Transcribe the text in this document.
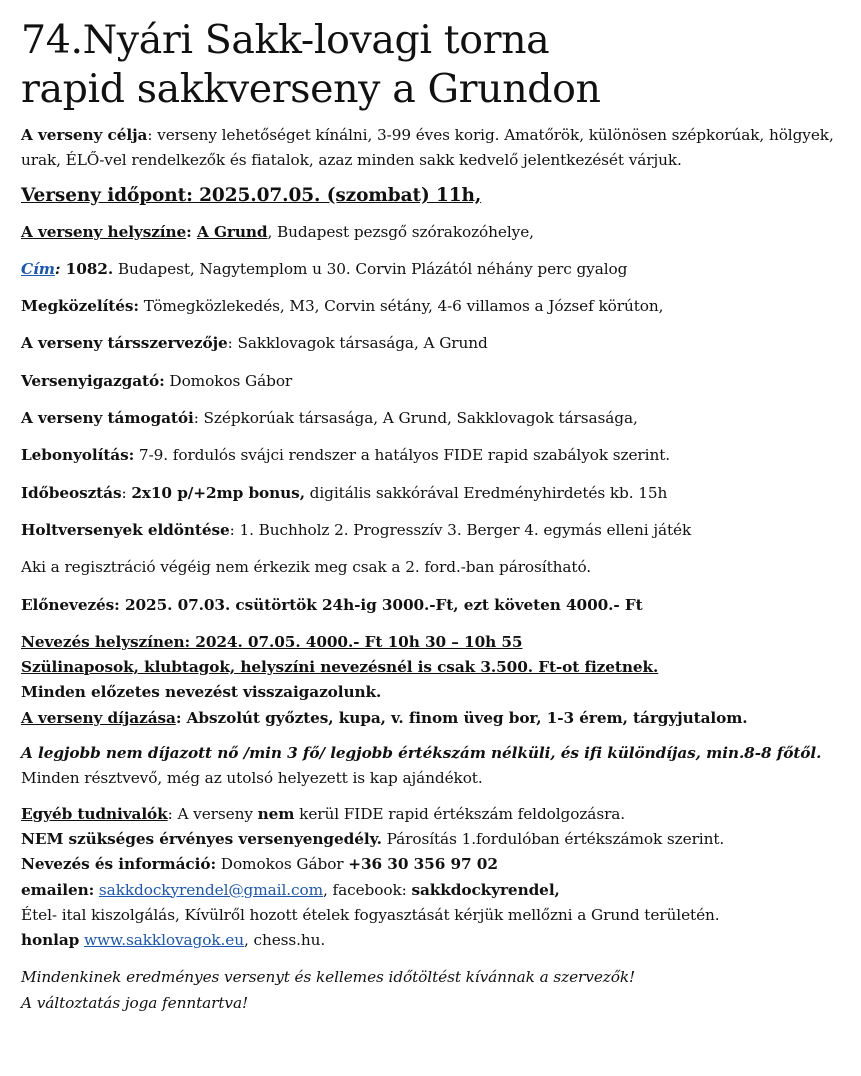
74.Nyári Sakk-lovagi torna
rapid sakkverseny a Grundon

A verseny célja: verseny lehetőséget kínálni, 3-99 éves korig. Amatőrök, különösen szépkorúak, hölgyek, urak, ÉLŐ-vel rendelkezők és fiatalok, azaz minden sakk kedvelő jelentkezését várjuk.

Verseny időpont: 2025.07.05. (szombat) 11h,

A verseny helyszíne: A Grund, Budapest pezsgő szórakozóhelye,

Cím: 1082. Budapest, Nagytemplom u 30. Corvin Plázától néhány perc gyalog

Megközelítés: Tömegközlekedés, M3, Corvin sétány, 4-6 villamos a József körúton,

A verseny társszervezője: Sakklovagok társasága, A Grund

Versenyigazgató: Domokos Gábor

A verseny támogatói: Szépkorúak társasága, A Grund, Sakklovagok társasága,

Lebonyolítás: 7-9. fordulós svájci rendszer a hatályos FIDE rapid szabályok szerint.

Időbeosztás: 2x10 p/+2mp bonus, digitális sakkórával Eredményhirdetés kb. 15h

Holtversenyek eldöntése: 1. Buchholz 2. Progresszív 3. Berger 4. egymás elleni játék

Aki a regisztráció végéig nem érkezik meg csak a 2. ford.-ban párosítható.

Előnevezés: 2025. 07.03. csütörtök 24h-ig 3000.-Ft, ezt követen 4000.- Ft

Nevezés helyszínen: 2024. 07.05. 4000.- Ft 10h 30 – 10h 55
Szülinaposok, klubtagok, helyszíni nevezésnél is csak 3.500. Ft-ot fizetnek.
Minden előzetes nevezést visszaigazolunk.
A verseny díjazása: Abszolút győztes, kupa, v. finom üveg bor, 1-3 érem, tárgyjutalom.

A legjobb nem díjazott nő /min 3 fő/ legjobb értékszám nélküli, és ifi különdíjas, min.8-8 főtől.
Minden résztvevő, még az utolsó helyezett is kap ajándékot.

Egyéb tudnivalók: A verseny nem kerül FIDE rapid értékszám feldolgozásra.
NEM szükséges érvényes versenyengedély. Párosítás 1.fordulóban értékszámok szerint.
Nevezés és információ: Domokos Gábor +36 30 356 97 02
emailen: sakkdockyrendel@gmail.com, facebook: sakkdockyrendel,
Étel- ital kiszolgálás, Kívülről hozott ételek fogyasztását kérjük mellőzni a Grund területén.
honlap www.sakklovagok.eu, chess.hu.

Mindenkinek eredményes versenyt és kellemes időtöltést kívánnak a szervezők!
A változtatás joga fenntartva!
